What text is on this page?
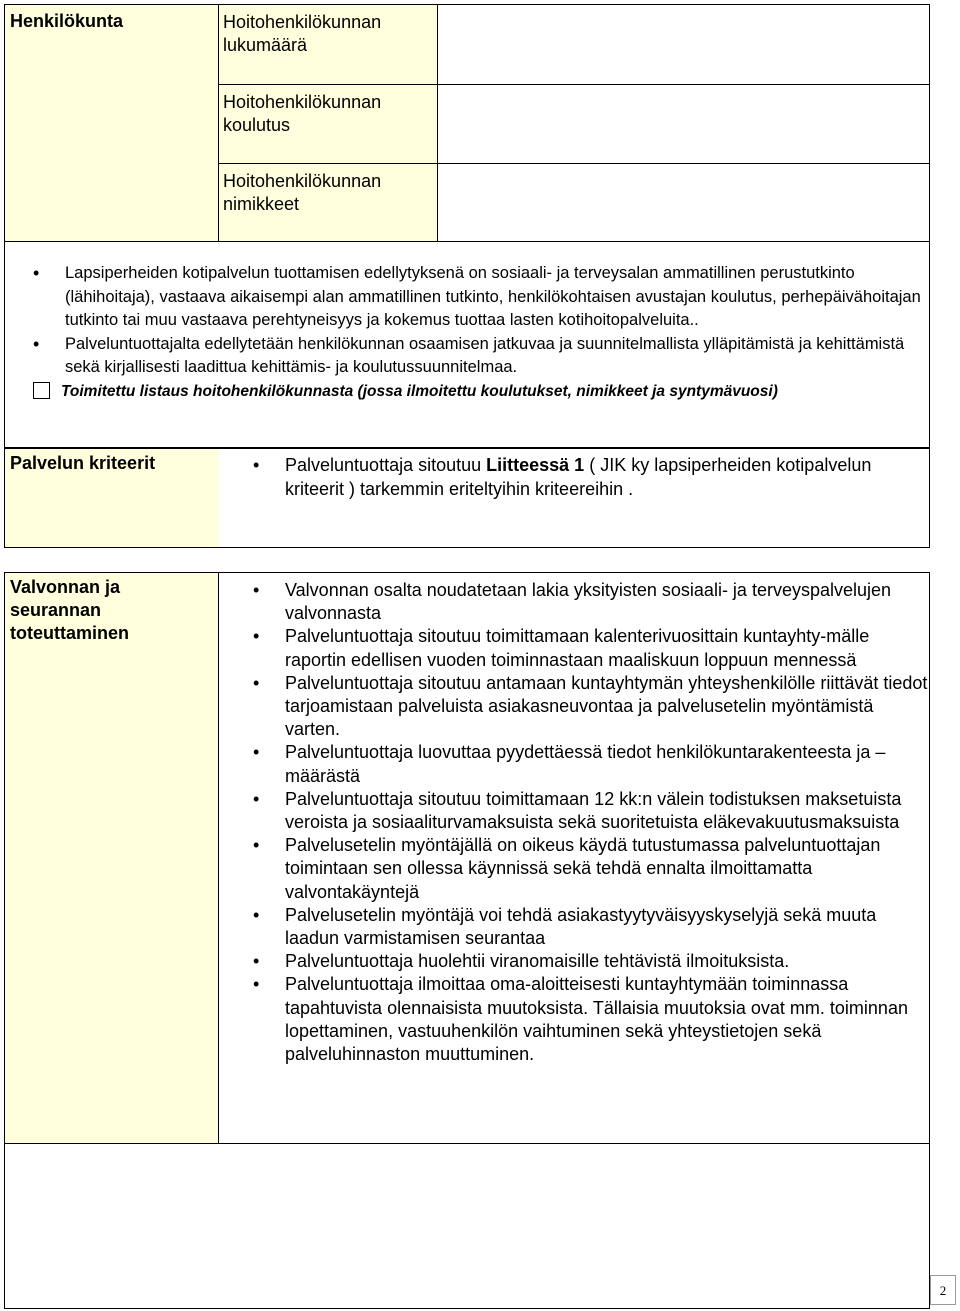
Henkilökunta	Hoitohenkilökunnan lukumäärä
Hoitohenkilökunnan koulutus
Hoitohenkilökunnan nimikkeet
• Lapsiperheiden kotipalvelun tuottamisen edellytyksenä on sosiaali- ja terveysalan ammatillinen perustutkinto (lähihoitaja), vastaava aikaisempi alan ammatillinen tutkinto, henkilökohtaisen avustajan koulutus, perhepäivähoitajan tutkinto tai muu vastaava perehtyneisyys ja kokemus tuottaa lasten kotihoitopalveluita..
• Palveluntuottajalta edellytetään henkilökunnan osaamisen jatkuvaa ja suunnitelmallista ylläpitämistä ja kehittämistä sekä kirjallisesti laadittua kehittämis- ja koulutussuunnitelmaa.
Toimitettu listaus hoitohenkilökunnasta (jossa ilmoitettu koulutukset, nimikkeet ja syntymävuosi)
Palvelun kriteerit
•	Palveluntuottaja sitoutuu Liitteessä 1 ( JIK ky lapsiperheiden kotipalvelun kriteerit ) tarkemmin eriteltyihin kriteereihin .
Valvonnan ja seurannan toteuttaminen
• Valvonnan osalta noudatetaan lakia yksityisten sosiaali- ja terveyspalvelujen valvonnasta
• Palveluntuottaja sitoutuu toimittamaan kalenterivuosittain kuntayhty-mälle raportin edellisen vuoden toiminnastaan maaliskuun loppuun mennessä
• Palveluntuottaja sitoutuu antamaan kuntayhtymän yhteyshenkilölle riittävät tiedot tarjoamistaan palveluista asiakasneuvontaa ja palvelusetelin myöntämistä varten.
• Palveluntuottaja luovuttaa pyydettäessä tiedot henkilökuntarakenteesta ja – määrästä
• Palveluntuottaja sitoutuu toimittamaan 12 kk:n välein todistuksen maksetuista veroista ja sosiaaliturvamaksuista sekä suoritetuista eläkevakuutusmaksuista
• Palvelusetelin myöntäjällä on oikeus käydä tutustumassa palveluntuottajan toimintaan sen ollessa käynnissä sekä tehdä ennalta ilmoittamatta valvontakäyntejä
• Palvelusetelin myöntäjä voi tehdä asiakastyytyväisyyskyselyjä sekä muuta laadun varmistamisen seurantaa
• Palveluntuottaja huolehtii viranomaisille tehtävistä ilmoituksista.
• Palveluntuottaja ilmoittaa oma-aloitteisesti kuntayhtymään toiminnassa tapahtuvista olennaisista muutoksista. Tällaisia muutoksia ovat mm. toiminnan lopettaminen, vastuuhenkilön vaihtuminen sekä yhteystietojen sekä palveluhinnaston muuttuminen.
2
